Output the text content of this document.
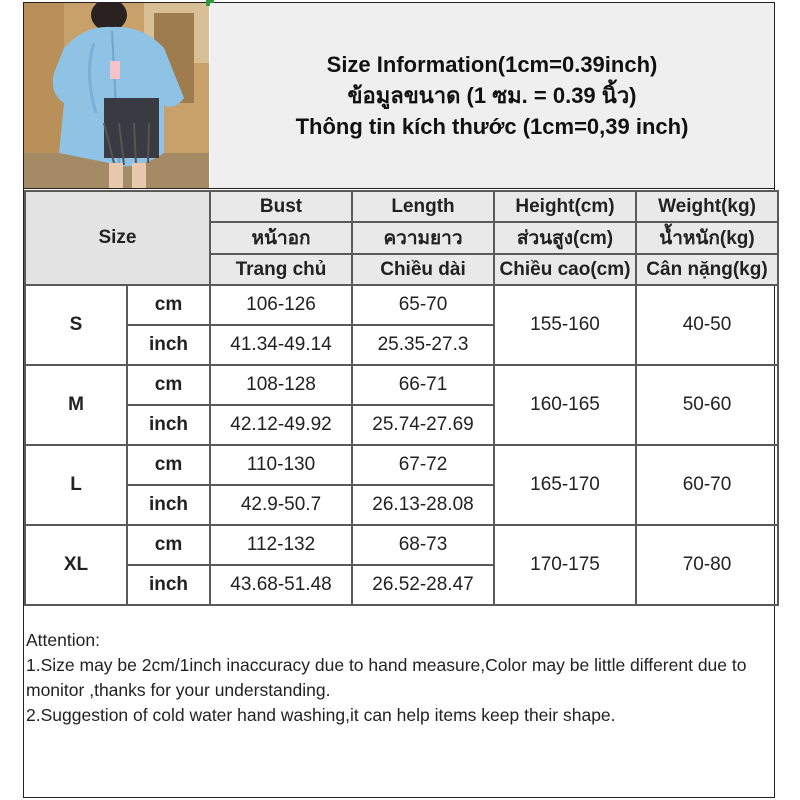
Size Information(1cm=0.39inch)
ข้อมูลขนาด (1 ซม. = 0.39 นิ้ว)
Thông tin kích thước (1cm=0,39 inch)
Size		Bust	Length	Height(cm)	Weight(kg)
		หน้าอก	ความยาว	ส่วนสูง(cm)	น้ำหนัก(kg)
		Trang chủ	Chiều dài	Chiều cao(cm)	Cân nặng(kg)
S	cm	106-126	65-70	155-160	40-50
	inch	41.34-49.14	25.35-27.3		
M	cm	108-128	66-71	160-165	50-60
	inch	42.12-49.92	25.74-27.69		
L	cm	110-130	67-72	165-170	60-70
	inch	42.9-50.7	26.13-28.08		
XL	cm	112-132	68-73	170-175	70-80
	inch	43.68-51.48	26.52-28.47		
Attention:
1.Size may be 2cm/1inch inaccuracy due to hand measure,Color may be little different due to monitor ,thanks for your understanding.
2.Suggestion of cold water hand washing,it can help items keep their shape.
